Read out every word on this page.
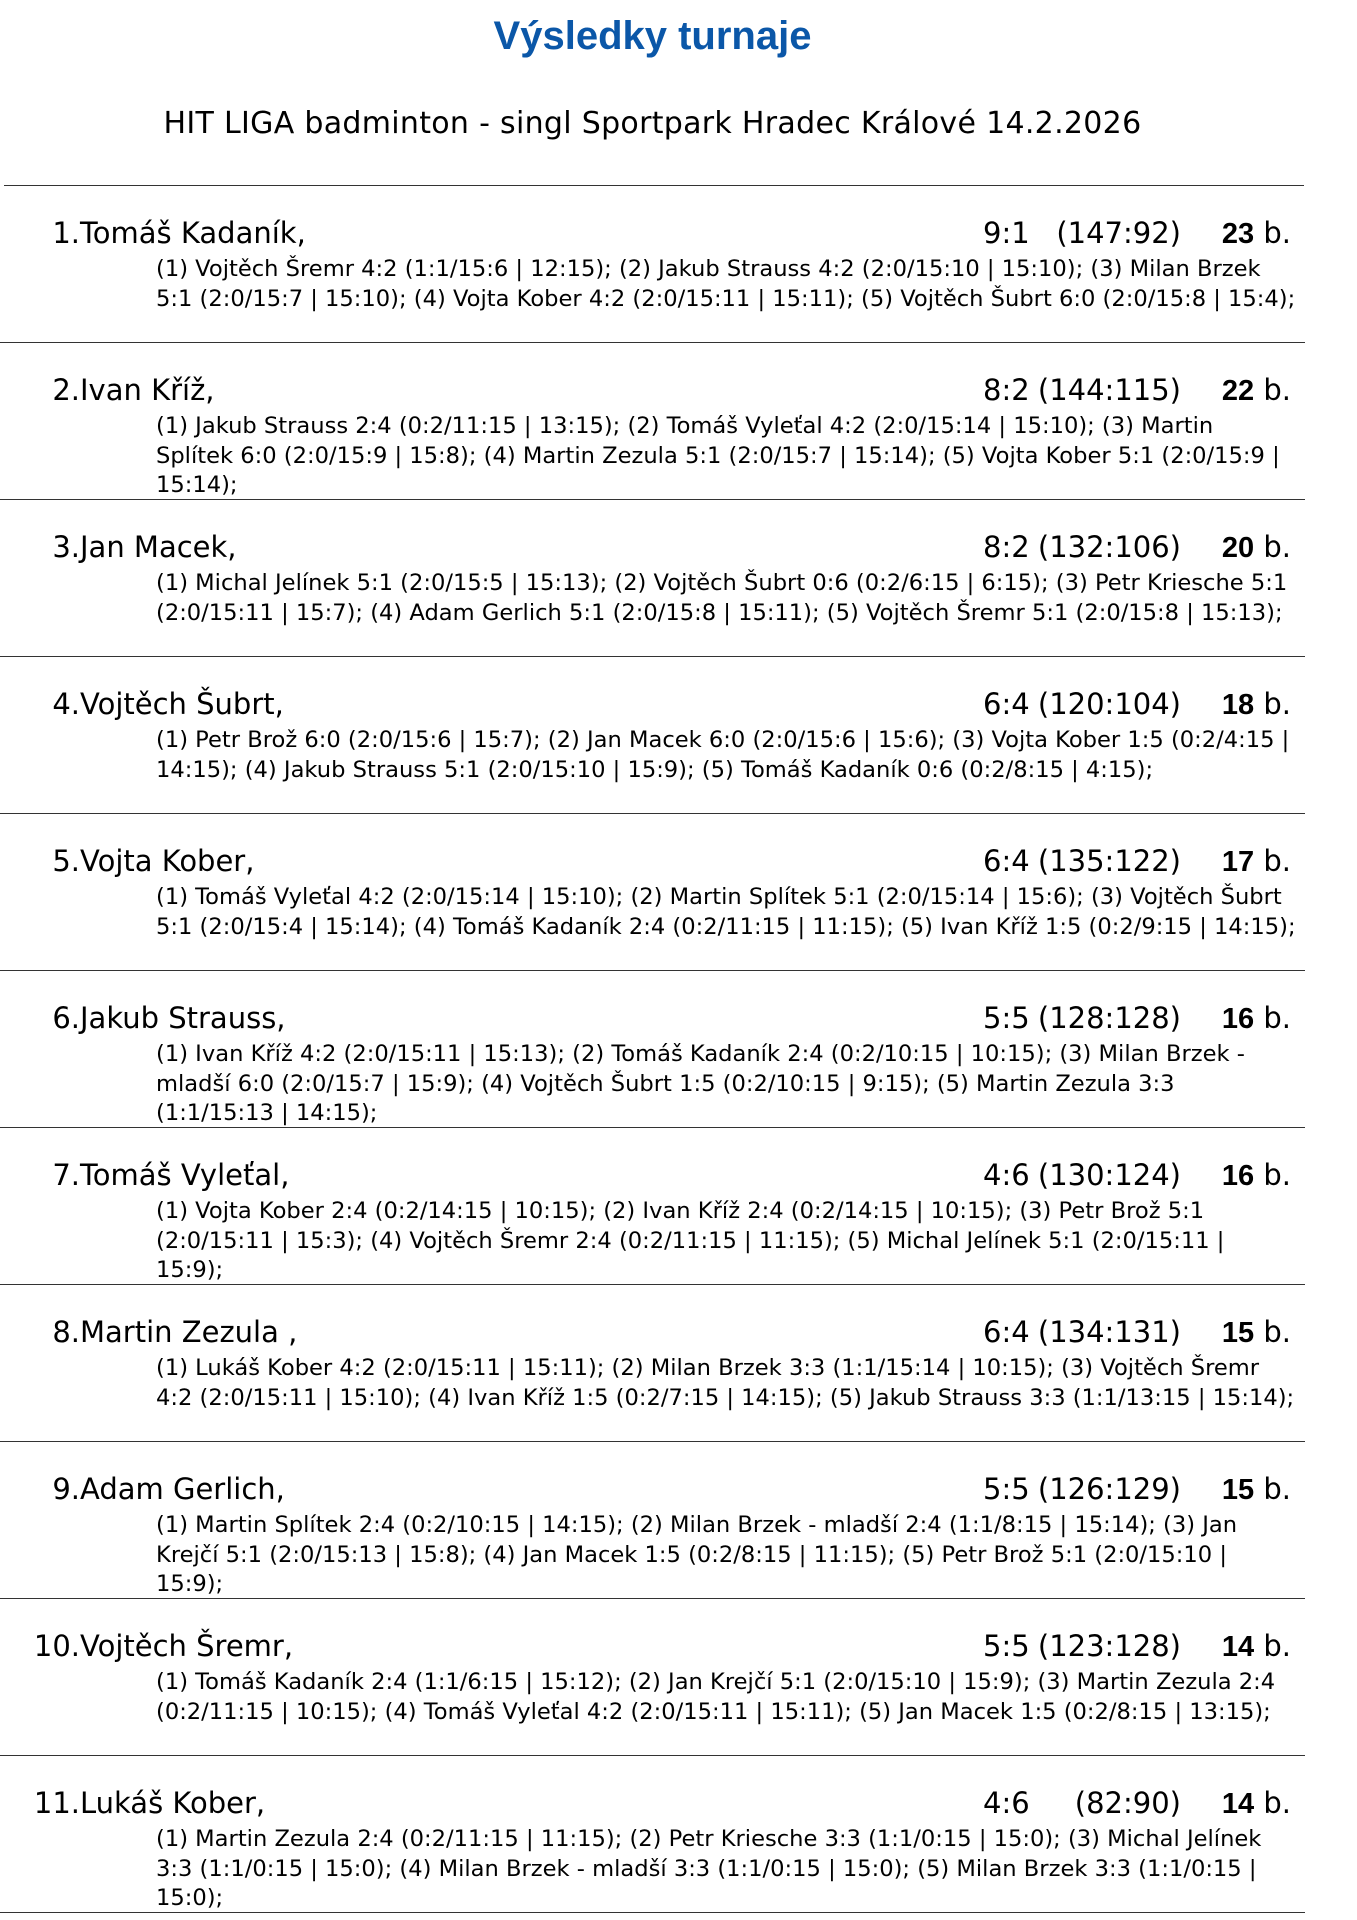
Výsledky turnaje
HIT LIGA badminton - singl Sportpark Hradec Králové 14.2.2026
1. Tomáš Kadaník,	9:1 (147:92) 23 b.
(1) Vojtěch Šremr 4:2 (1:1/15:6 | 12:15); (2) Jakub Strauss 4:2 (2:0/15:10 | 15:10); (3) Milan Brzek 5:1 (2:0/15:7 | 15:10); (4) Vojta Kober 4:2 (2:0/15:11 | 15:11); (5) Vojtěch Šubrt 6:0 (2:0/15:8 | 15:4);
2. Ivan Kříž,	8:2 (144:115) 22 b.
(1) Jakub Strauss 2:4 (0:2/11:15 | 13:15); (2) Tomáš Vyleťal 4:2 (2:0/15:14 | 15:10); (3) Martin Splítek 6:0 (2:0/15:9 | 15:8); (4) Martin Zezula 5:1 (2:0/15:7 | 15:14); (5) Vojta Kober 5:1 (2:0/15:9 | 15:14);
3. Jan Macek,	8:2 (132:106) 20 b.
(1) Michal Jelínek 5:1 (2:0/15:5 | 15:13); (2) Vojtěch Šubrt 0:6 (0:2/6:15 | 6:15); (3) Petr Kriesche 5:1 (2:0/15:11 | 15:7); (4) Adam Gerlich 5:1 (2:0/15:8 | 15:11); (5) Vojtěch Šremr 5:1 (2:0/15:8 | 15:13);
4. Vojtěch Šubrt,	6:4 (120:104) 18 b.
(1) Petr Brož 6:0 (2:0/15:6 | 15:7); (2) Jan Macek 6:0 (2:0/15:6 | 15:6); (3) Vojta Kober 1:5 (0:2/4:15 | 14:15); (4) Jakub Strauss 5:1 (2:0/15:10 | 15:9); (5) Tomáš Kadaník 0:6 (0:2/8:15 | 4:15);
5. Vojta Kober,	6:4 (135:122) 17 b.
(1) Tomáš Vyleťal 4:2 (2:0/15:14 | 15:10); (2) Martin Splítek 5:1 (2:0/15:14 | 15:6); (3) Vojtěch Šubrt 5:1 (2:0/15:4 | 15:14); (4) Tomáš Kadaník 2:4 (0:2/11:15 | 11:15); (5) Ivan Kříž 1:5 (0:2/9:15 | 14:15);
6. Jakub Strauss,	5:5 (128:128) 16 b.
(1) Ivan Kříž 4:2 (2:0/15:11 | 15:13); (2) Tomáš Kadaník 2:4 (0:2/10:15 | 10:15); (3) Milan Brzek - mladší 6:0 (2:0/15:7 | 15:9); (4) Vojtěch Šubrt 1:5 (0:2/10:15 | 9:15); (5) Martin Zezula 3:3 (1:1/15:13 | 14:15);
7. Tomáš Vyleťal,	4:6 (130:124) 16 b.
(1) Vojta Kober 2:4 (0:2/14:15 | 10:15); (2) Ivan Kříž 2:4 (0:2/14:15 | 10:15); (3) Petr Brož 5:1 (2:0/15:11 | 15:3); (4) Vojtěch Šremr 2:4 (0:2/11:15 | 11:15); (5) Michal Jelínek 5:1 (2:0/15:11 | 15:9);
8. Martin Zezula ,	6:4 (134:131) 15 b.
(1) Lukáš Kober 4:2 (2:0/15:11 | 15:11); (2) Milan Brzek 3:3 (1:1/15:14 | 10:15); (3) Vojtěch Šremr 4:2 (2:0/15:11 | 15:10); (4) Ivan Kříž 1:5 (0:2/7:15 | 14:15); (5) Jakub Strauss 3:3 (1:1/13:15 | 15:14);
9. Adam Gerlich,	5:5 (126:129) 15 b.
(1) Martin Splítek 2:4 (0:2/10:15 | 14:15); (2) Milan Brzek - mladší 2:4 (1:1/8:15 | 15:14); (3) Jan Krejčí 5:1 (2:0/15:13 | 15:8); (4) Jan Macek 1:5 (0:2/8:15 | 11:15); (5) Petr Brož 5:1 (2:0/15:10 | 15:9);
10. Vojtěch Šremr,	5:5 (123:128) 14 b.
(1) Tomáš Kadaník 2:4 (1:1/6:15 | 15:12); (2) Jan Krejčí 5:1 (2:0/15:10 | 15:9); (3) Martin Zezula 2:4 (0:2/11:15 | 10:15); (4) Tomáš Vyleťal 4:2 (2:0/15:11 | 15:11); (5) Jan Macek 1:5 (0:2/8:15 | 13:15);
11. Lukáš Kober,	4:6 (82:90) 14 b.
(1) Martin Zezula 2:4 (0:2/11:15 | 11:15); (2) Petr Kriesche 3:3 (1:1/0:15 | 15:0); (3) Michal Jelínek 3:3 (1:1/0:15 | 15:0); (4) Milan Brzek - mladší 3:3 (1:1/0:15 | 15:0); (5) Milan Brzek 3:3 (1:1/0:15 | 15:0);
